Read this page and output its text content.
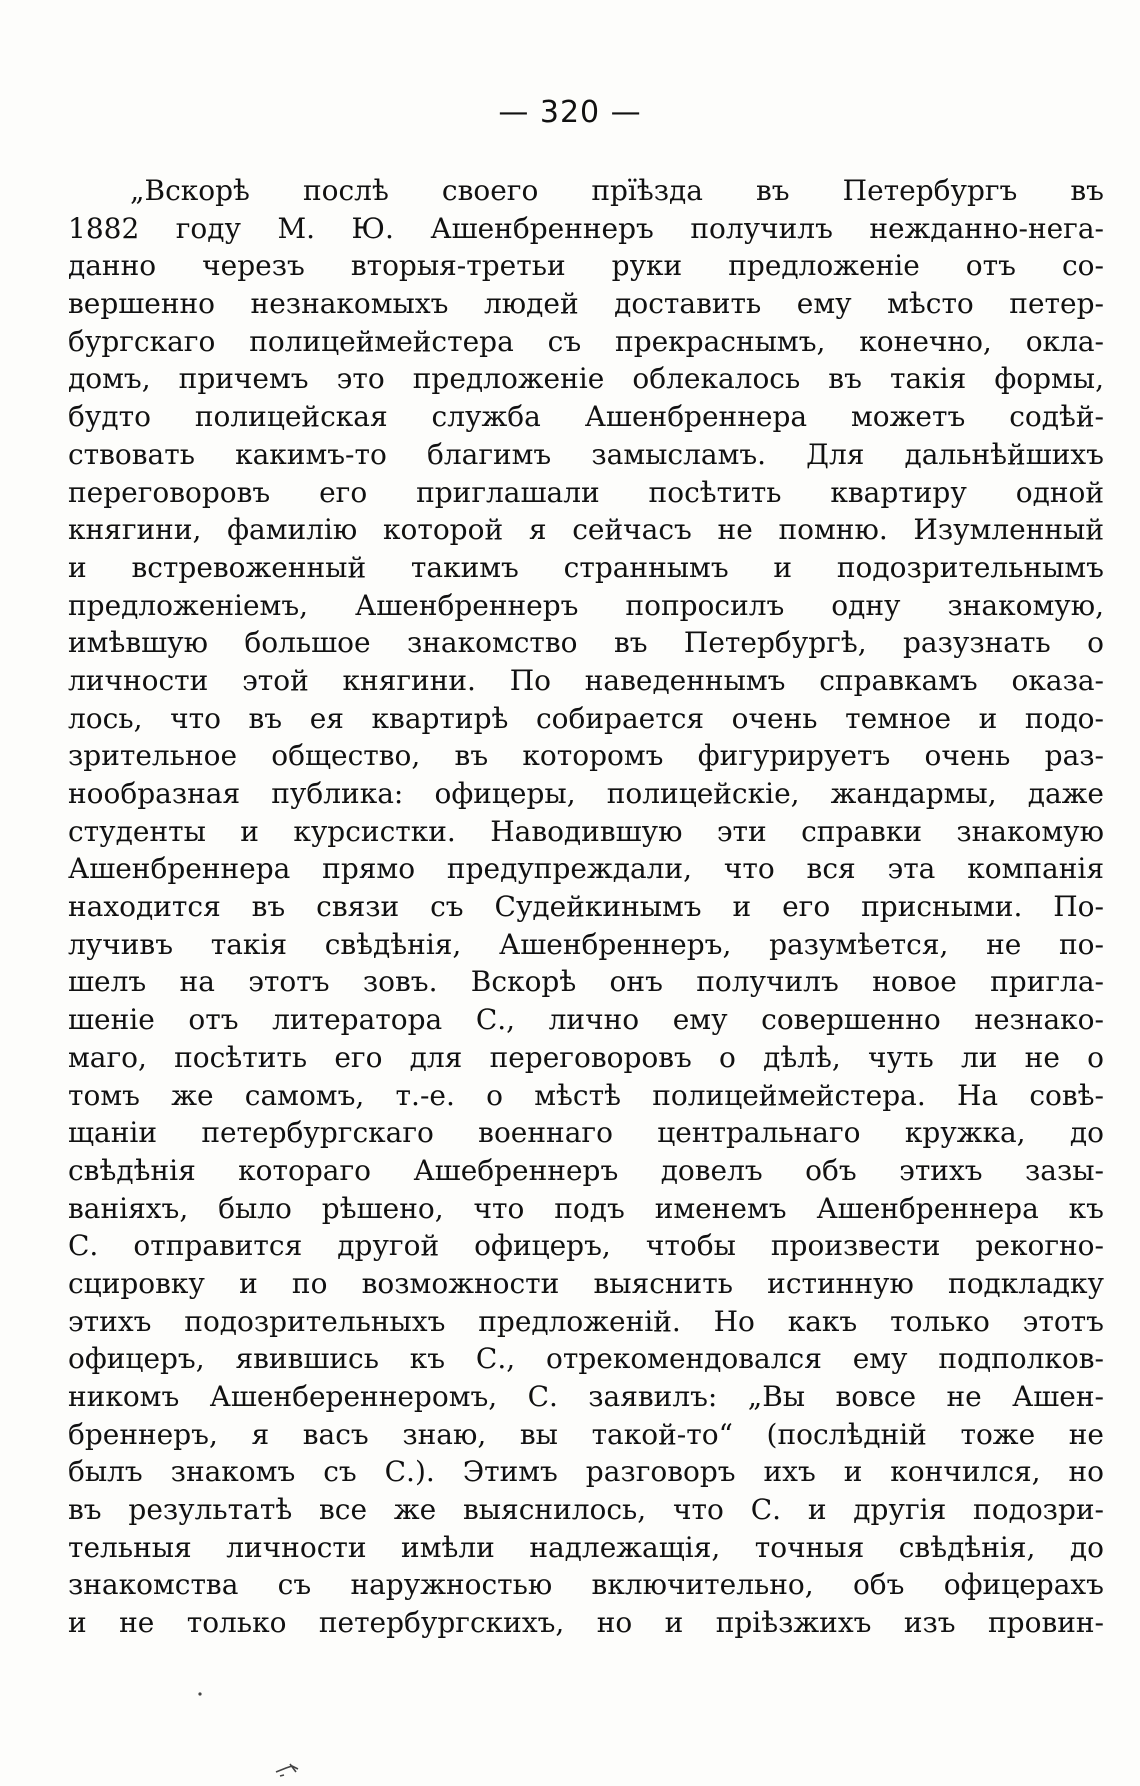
— 320 —
„Вскорѣ послѣ своего прїѣзда въ Петербургъ въ
1882 году М. Ю. Ашенбреннеръ получилъ нежданно-нега-
данно черезъ вторыя-третьи руки предложенiе отъ со-
вершенно незнакомыхъ людей доставить ему мѣсто петер-
бургскаго полицеймейстера съ прекраснымъ, конечно, окла-
домъ, причемъ это предложенiе облекалось въ такiя формы,
будто полицейская служба Ашенбреннера можетъ содѣй-
ствовать какимъ-то благимъ замысламъ. Для дальнѣйшихъ
переговоровъ его приглашали посѣтить квартиру одной
княгини, фамилiю которой я сейчасъ не помню. Изумленный
и встревоженный такимъ страннымъ и подозрительнымъ
предложенiемъ, Ашенбреннеръ попросилъ одну знакомую,
имѣвшую большое знакомство въ Петербургѣ, разузнать о
личности этой княгини. По наведеннымъ справкамъ оказа-
лось, что въ ея квартирѣ собирается очень темное и подо-
зрительное общество, въ которомъ фигурируетъ очень раз-
нообразная публика: офицеры, полицейскiе, жандармы, даже
студенты и курсистки. Наводившую эти справки знакомую
Ашенбреннера прямо предупреждали, что вся эта компанiя
находится въ связи съ Судейкинымъ и его присными. По-
лучивъ такiя свѣдѣнiя, Ашенбреннеръ, разумѣется, не по-
шелъ на этотъ зовъ. Вскорѣ онъ получилъ новое пригла-
шенiе отъ литератора С., лично ему совершенно незнако-
маго, посѣтить его для переговоровъ о дѣлѣ, чуть ли не о
томъ же самомъ, т.-е. о мѣстѣ полицеймейстера. На совѣ-
щанiи петербургскаго военнаго центральнаго кружка, до
свѣдѣнiя котораго Ашебреннеръ довелъ объ этихъ зазы-
ванiяхъ, было рѣшено, что подъ именемъ Ашенбреннера къ
С. отправится другой офицеръ, чтобы произвести рекогно-
сцировку и по возможности выяснить истинную подкладку
этихъ подозрительныхъ предложенiй. Но какъ только этотъ
офицеръ, явившись къ С., отрекомендовался ему подполков-
никомъ Ашенбереннеромъ, С. заявилъ: „Вы вовсе не Ашен-
бреннеръ, я васъ знаю, вы такой-то“ (послѣднiй тоже не
былъ знакомъ съ С.). Этимъ разговоръ ихъ и кончился, но
въ результатѣ все же выяснилось, что С. и другiя подозри-
тельныя личности имѣли надлежащiя, точныя свѣдѣнiя, до
знакомства съ наружностью включительно, объ офицерахъ
и не только петербургскихъ, но и прiѣзжихъ изъ провин-
